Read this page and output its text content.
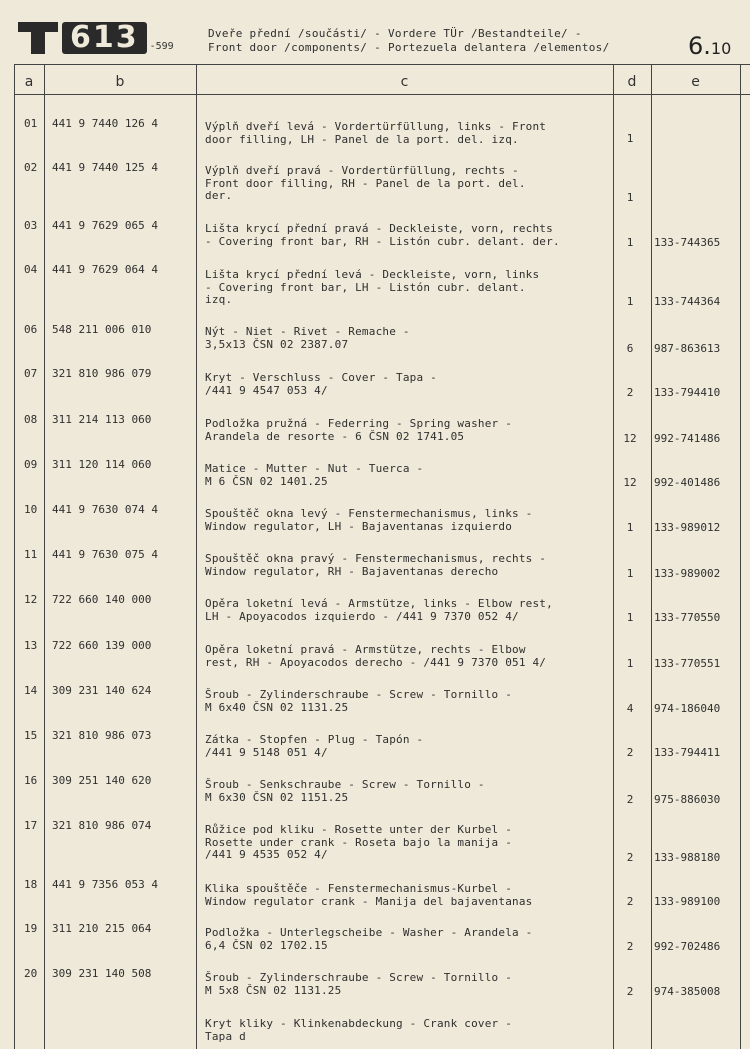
613	-599
Dveře přední /součásti/ - Vordere TÜr /Bestandteile/ -
Front door /components/ - Portezuela delantera /elementos/	6.10
a	b	c	d	e
01 441 9 7440 126 4	Výplň dveří levá - Vordertürfüllung, links - Front
door filling, LH - Panel de la port. del. izq.	1
02 441 9 7440 125 4	Výplň dveří pravá - Vordertürfüllung, rechts -
Front door filling, RH - Panel de la port. del.
der.	1
03 441 9 7629 065 4	Lišta krycí přední pravá - Deckleiste, vorn, rechts
- Covering front bar, RH - Listón cubr. delant. der.	1	133-744365
04 441 9 7629 064 4	Lišta krycí přední levá - Deckleiste, vorn, links
- Covering front bar, LH - Listón cubr. delant.
izq.	1	133-744364
06 548 211 006 010	Nýt - Niet - Rivet - Remache -
3,5x13 ČSN 02 2387.07	6	987-863613
07 321 810 986 079	Kryt - Verschluss - Cover - Tapa -
/441 9 4547 053 4/	2	133-794410
08 311 214 113 060	Podložka pružná - Federring - Spring washer -
Arandela de resorte - 6 ČSN 02 1741.05	12	992-741486
09 311 120 114 060	Matice - Mutter - Nut - Tuerca -
M 6 ČSN 02 1401.25	12	992-401486
10 441 9 7630 074 4	Spouštěč okna levý - Fenstermechanismus, links -
Window regulator, LH - Bajaventanas izquierdo	1	133-989012
11 441 9 7630 075 4	Spouštěč okna pravý - Fenstermechanismus, rechts -
Window regulator, RH - Bajaventanas derecho	1	133-989002
12 722 660 140 000	Opěra loketní levá - Armstütze, links - Elbow rest,
LH - Apoyacodos izquierdo - /441 9 7370 052 4/	1	133-770550
13 722 660 139 000	Opěra loketní pravá - Armstütze, rechts - Elbow
rest, RH - Apoyacodos derecho - /441 9 7370 051 4/	1	133-770551
14 309 231 140 624	Šroub - Zylinderschraube - Screw - Tornillo -
M 6x40 ČSN 02 1131.25	4	974-186040
15 321 810 986 073	Zátka - Stopfen - Plug - Tapón -
/441 9 5148 051 4/	2	133-794411
16 309 251 140 620	Šroub - Senkschraube - Screw - Tornillo -
M 6x30 ČSN 02 1151.25	2	975-886030
17 321 810 986 074	Růžice pod kliku - Rosette unter der Kurbel -
Rosette under crank - Roseta bajo la manija -
/441 9 4535 052 4/	2	133-988180
18 441 9 7356 053 4	Klika spouštěče - Fenstermechanismus-Kurbel -
Window regulator crank - Manija del bajaventanas	2	133-989100
19 311 210 215 064	Podložka - Unterlegscheibe - Washer - Arandela -
6,4 ČSN 02 1702.15	2	992-702486
20 309 231 140 508	Šroub - Zylinderschraube - Screw - Tornillo -
M 5x8 ČSN 02 1131.25	2	974-385008
Kryt kliky - Klinkenabdeckung - Crank cover -
Tapa d
